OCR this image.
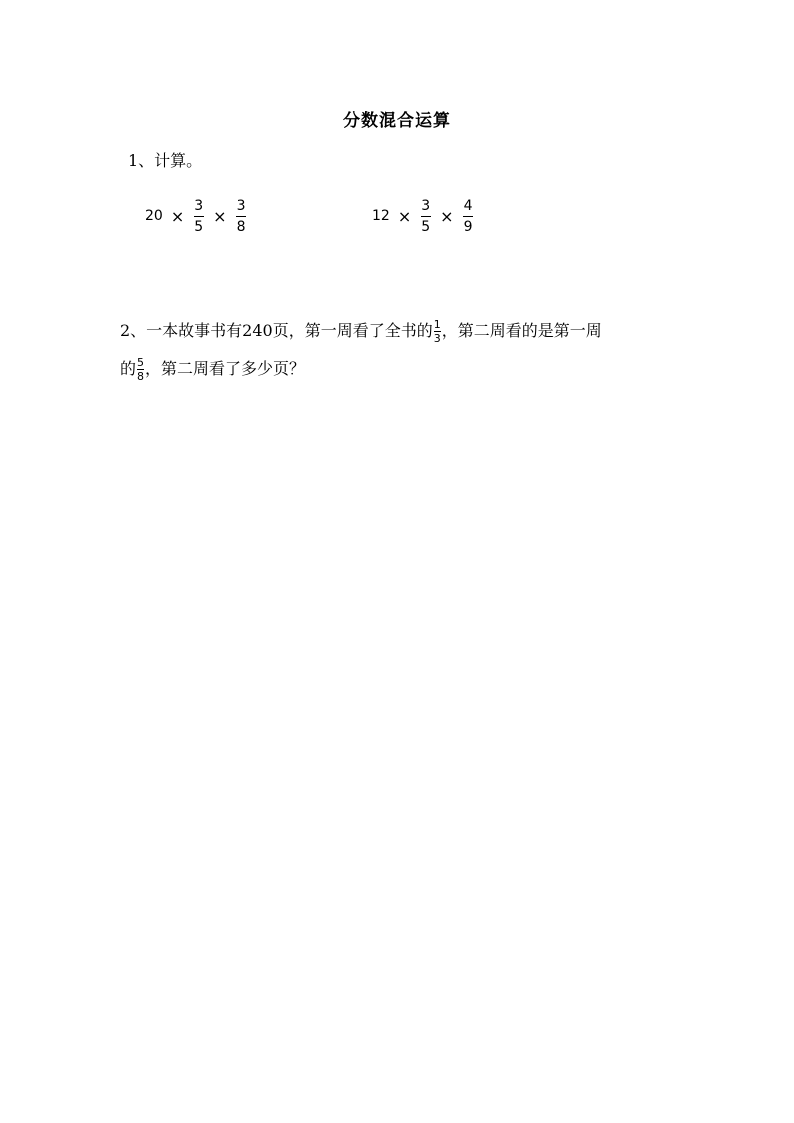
分数混合运算
1、计算。
$20 \times \frac{3}{5} \times \frac{3}{8}$	$12 \times \frac{3}{5} \times \frac{4}{9}$
2、一本故事书有240页，第一周看了全书的 $\frac{1}{3}$ ，第二周看的是第一周
的 $\frac{5}{8}$ ，第二周看了多少页？
